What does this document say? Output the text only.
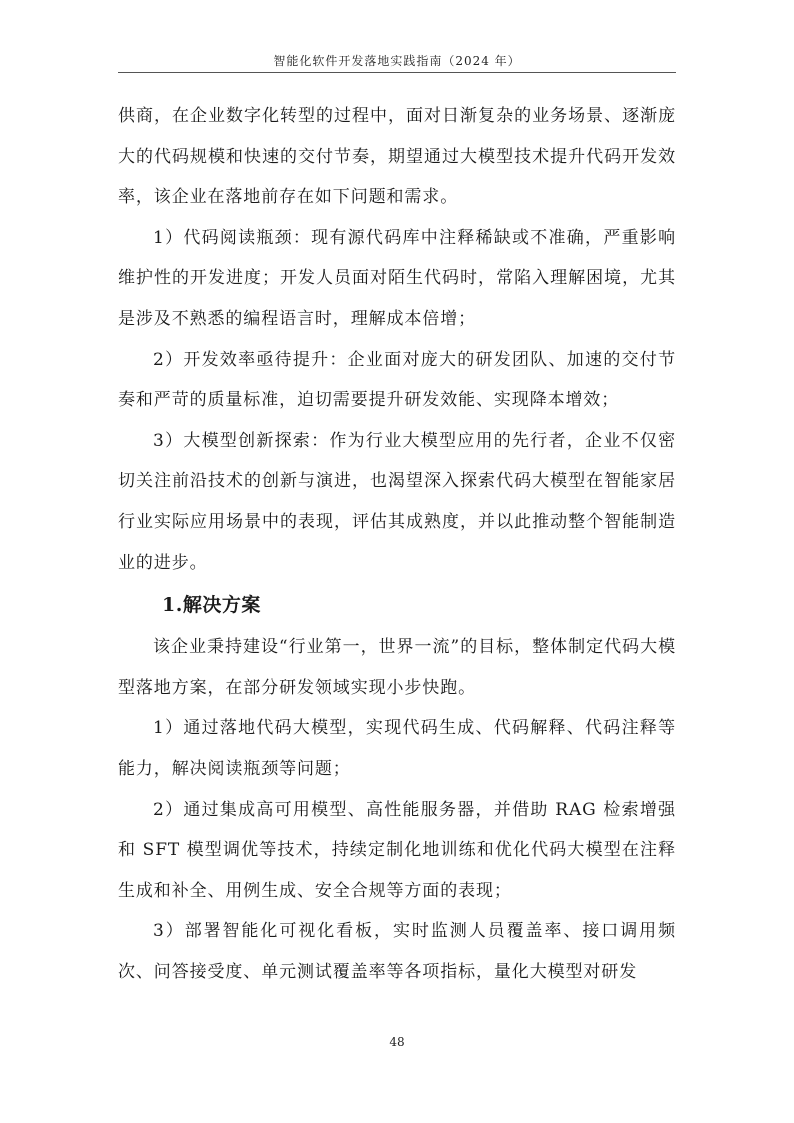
智能化软件开发落地实践指南（2024 年）

供商，在企业数字化转型的过程中，面对日渐复杂的业务场景、逐渐庞大的代码规模和快速的交付节奏，期望通过大模型技术提升代码开发效率，该企业在落地前存在如下问题和需求。

1）代码阅读瓶颈：现有源代码库中注释稀缺或不准确，严重影响维护性的开发进度；开发人员面对陌生代码时，常陷入理解困境，尤其是涉及不熟悉的编程语言时，理解成本倍增；

2）开发效率亟待提升：企业面对庞大的研发团队、加速的交付节奏和严苛的质量标准，迫切需要提升研发效能、实现降本增效；

3）大模型创新探索：作为行业大模型应用的先行者，企业不仅密切关注前沿技术的创新与演进，也渴望深入探索代码大模型在智能家居行业实际应用场景中的表现，评估其成熟度，并以此推动整个智能制造业的进步。

1.解决方案

该企业秉持建设“行业第一，世界一流”的目标，整体制定代码大模型落地方案，在部分研发领域实现小步快跑。

1）通过落地代码大模型，实现代码生成、代码解释、代码注释等能力，解决阅读瓶颈等问题；

2）通过集成高可用模型、高性能服务器，并借助 RAG 检索增强和 SFT 模型调优等技术，持续定制化地训练和优化代码大模型在注释生成和补全、用例生成、安全合规等方面的表现；

3）部署智能化可视化看板，实时监测人员覆盖率、接口调用频次、问答接受度、单元测试覆盖率等各项指标，量化大模型对研发

48
